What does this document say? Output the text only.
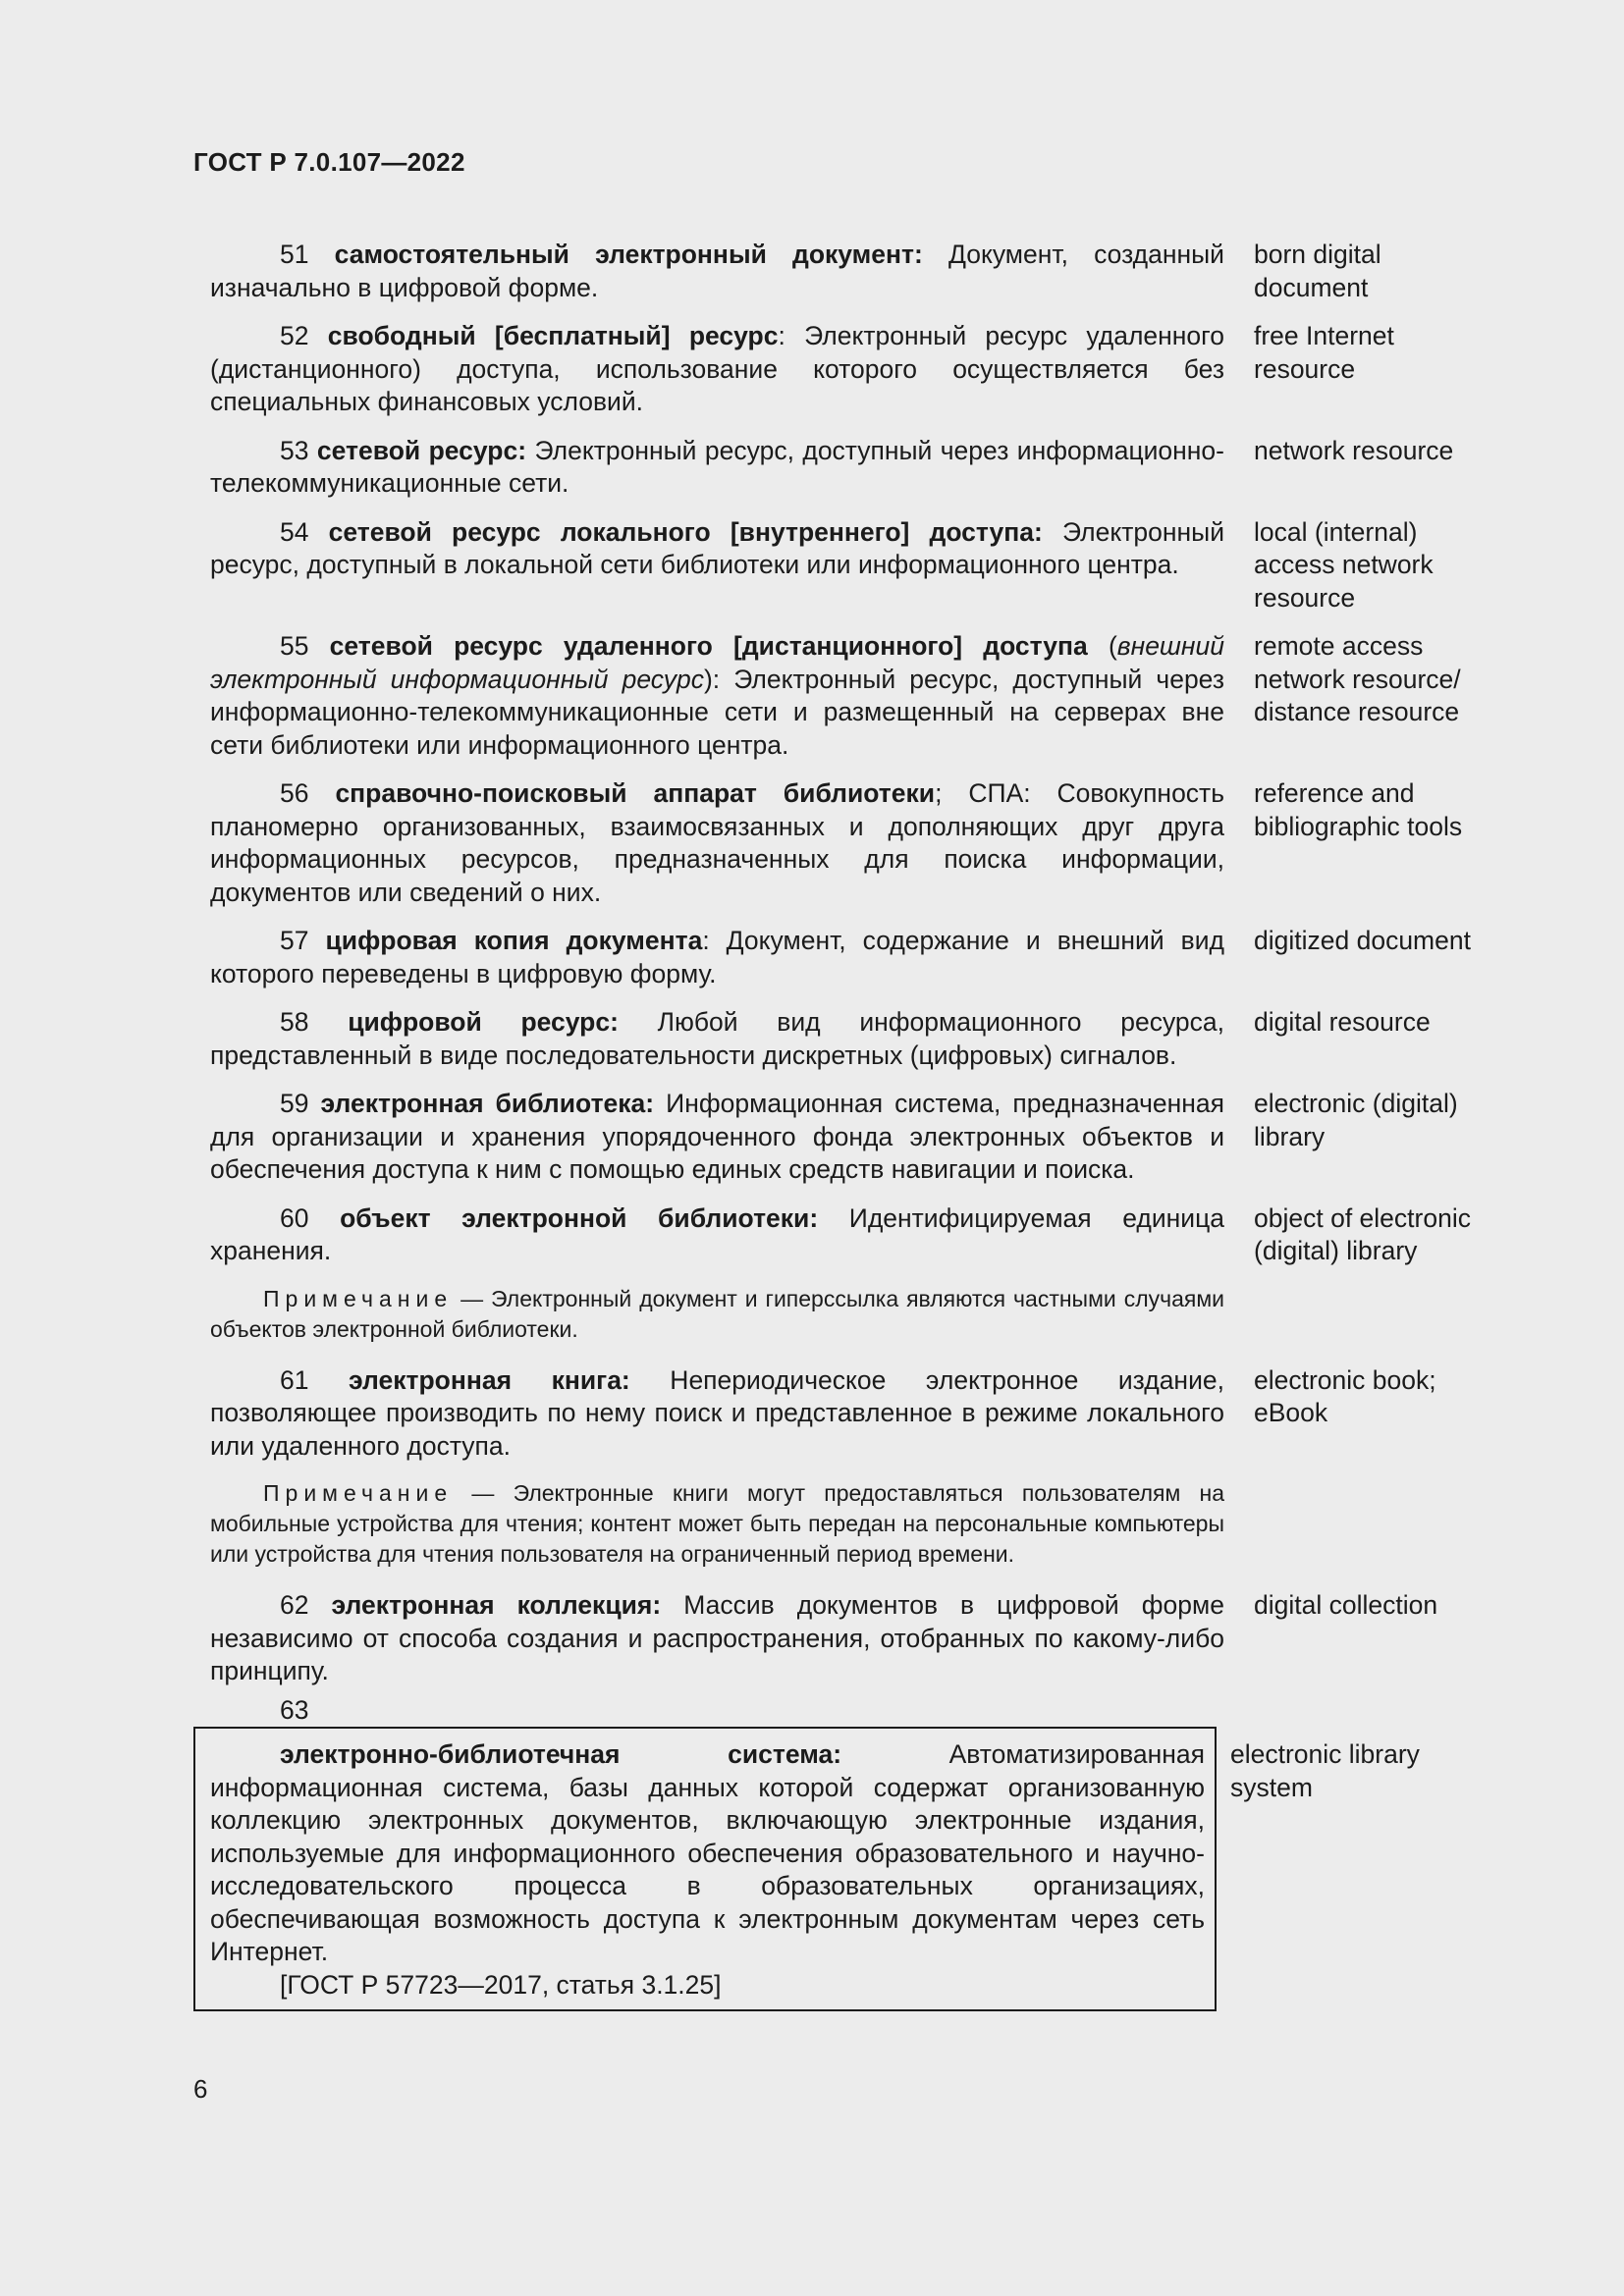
ГОСТ Р 7.0.107—2022

51 самостоятельный электронный документ: Документ, созданный изначально в цифровой форме.

born digital
document

52 свободный [бесплатный] ресурс: Электронный ресурс удаленного (дистанционного) доступа, использование которого осуществляется без специальных финансовых условий.

free Internet
resource

53 сетевой ресурс: Электронный ресурс, доступный через информационно-телекоммуникационные сети.

network resource

54 сетевой ресурс локального [внутреннего] доступа: Электронный ресурс, доступный в локальной сети библиотеки или информационного центра.

local (internal)
access network
resource

55 сетевой ресурс удаленного [дистанционного] доступа (внешний электронный информационный ресурс): Электронный ресурс, доступный через информационно-телекоммуникационные сети и размещенный на серверах вне сети библиотеки или информационного центра.

remote access
network resource/
distance resource

56 справочно-поисковый аппарат библиотеки; СПА: Совокупность планомерно организованных, взаимосвязанных и дополняющих друг друга информационных ресурсов, предназначенных для поиска информации, документов или сведений о них.

reference and
bibliographic tools

57 цифровая копия документа: Документ, содержание и внешний вид которого переведены в цифровую форму.

digitized document

58 цифровой ресурс: Любой вид информационного ресурса, представленный в виде последовательности дискретных (цифровых) сигналов.

digital resource

59 электронная библиотека: Информационная система, предназначенная для организации и хранения упорядоченного фонда электронных объектов и обеспечения доступа к ним с помощью единых средств навигации и поиска.

electronic (digital)
library

60 объект электронной библиотеки: Идентифицируемая единица хранения.

object of electronic
(digital) library
Примечание — Электронный документ и гиперссылка являются частными случаями объектов электронной библиотеки.

61 электронная книга: Непериодическое электронное издание, позволяющее производить по нему поиск и представленное в режиме локального или удаленного доступа.

electronic book;
eBook
Примечание — Электронные книги могут предоставляться пользователям на мобильные устройства для чтения; контент может быть передан на персональные компьютеры или устройства для чтения пользователя на ограниченный период времени.

62 электронная коллекция: Массив документов в цифровой форме независимо от способа создания и распространения, отобранных по какому-либо принципу.

digital collection
63

электронно-библиотечная система: Автоматизированная информационная система, базы данных которой содержат организованную коллекцию электронных документов, включающую электронные издания, используемые для информационного обеспечения образовательного и научно-исследовательского процесса в образовательных организациях, обеспечивающая возможность доступа к электронным документам через сеть Интернет.

[ГОСТ Р 57723—2017, статья 3.1.25]

electronic library
system
6
